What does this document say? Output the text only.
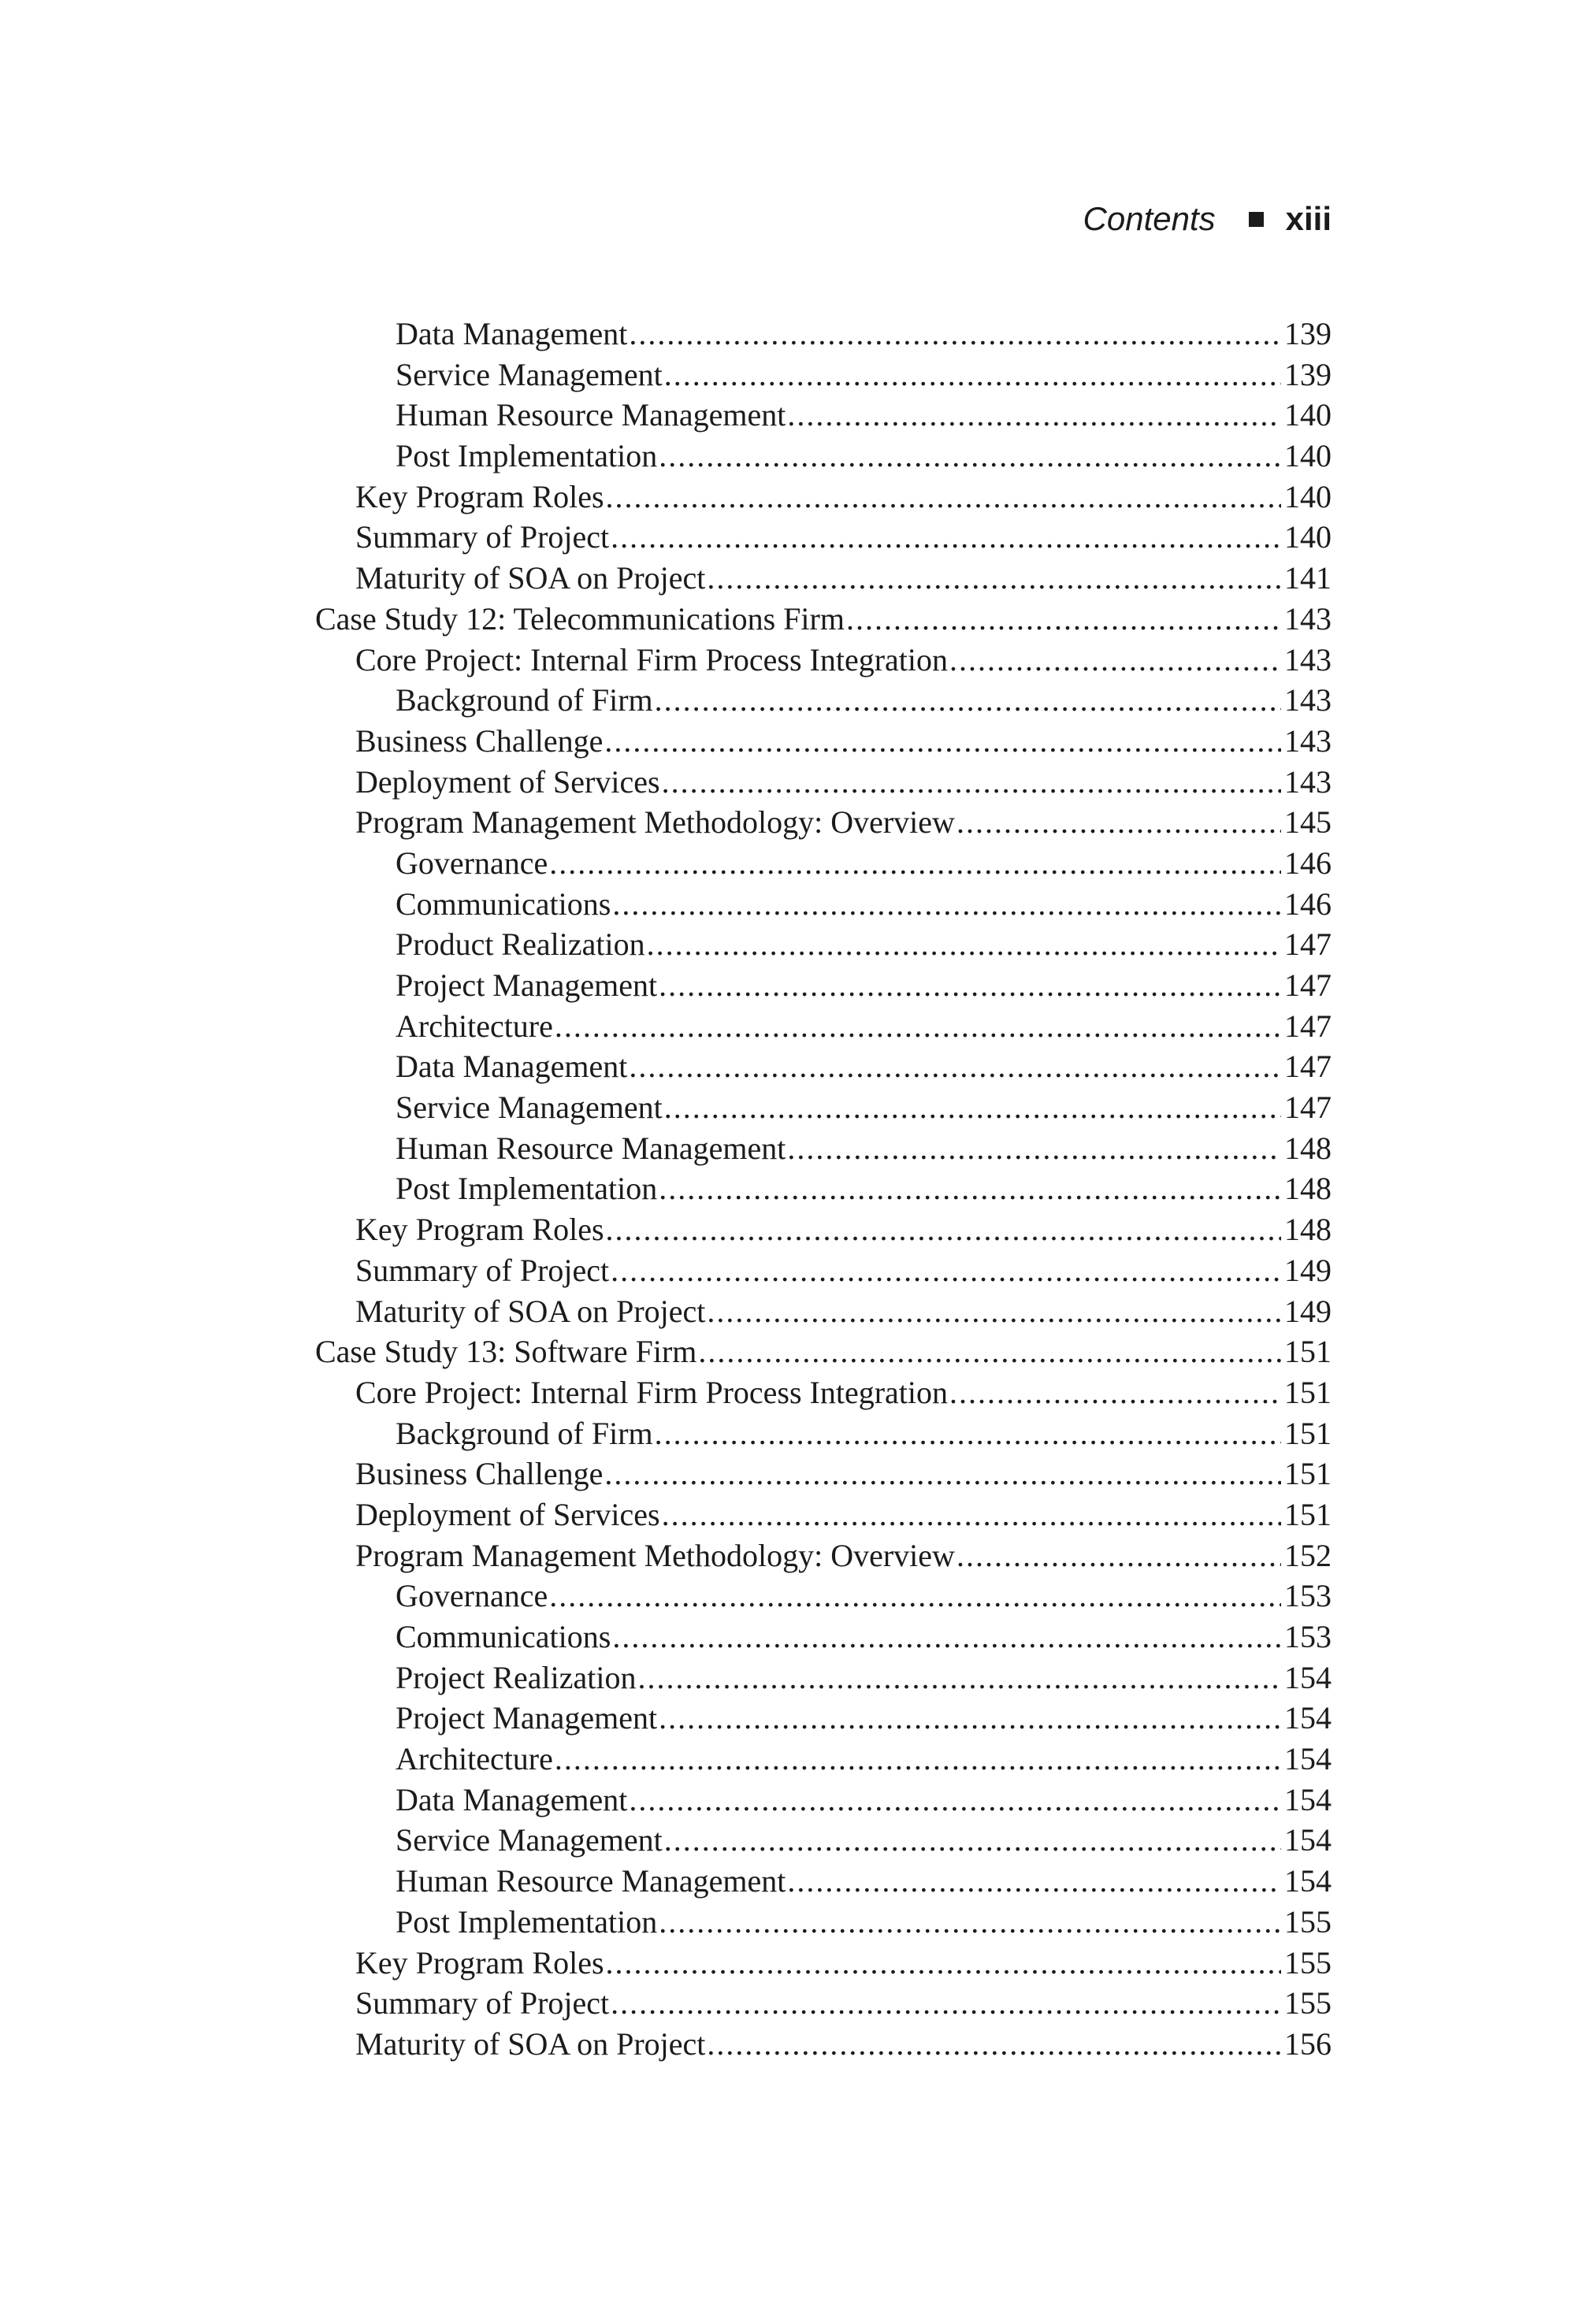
Contents xiii
Data Management .....	139
Service Management .....	139
Human Resource Management .....	140
Post Implementation .....	140
Key Program Roles .....	140
Summary of Project .....	140
Maturity of SOA on Project .....	141
Case Study 12: Telecommunications Firm .....	143
Core Project: Internal Firm Process Integration .....	143
Background of Firm .....	143
Business Challenge .....	143
Deployment of Services .....	143
Program Management Methodology: Overview .....	145
Governance .....	146
Communications .....	146
Product Realization .....	147
Project Management .....	147
Architecture .....	147
Data Management .....	147
Service Management .....	147
Human Resource Management .....	148
Post Implementation .....	148
Key Program Roles .....	148
Summary of Project .....	149
Maturity of SOA on Project .....	149
Case Study 13: Software Firm .....	151
Core Project: Internal Firm Process Integration .....	151
Background of Firm .....	151
Business Challenge .....	151
Deployment of Services .....	151
Program Management Methodology: Overview .....	152
Governance .....	153
Communications .....	153
Project Realization .....	154
Project Management .....	154
Architecture .....	154
Data Management .....	154
Service Management .....	154
Human Resource Management .....	154
Post Implementation .....	155
Key Program Roles .....	155
Summary of Project .....	155
Maturity of SOA on Project .....	156
